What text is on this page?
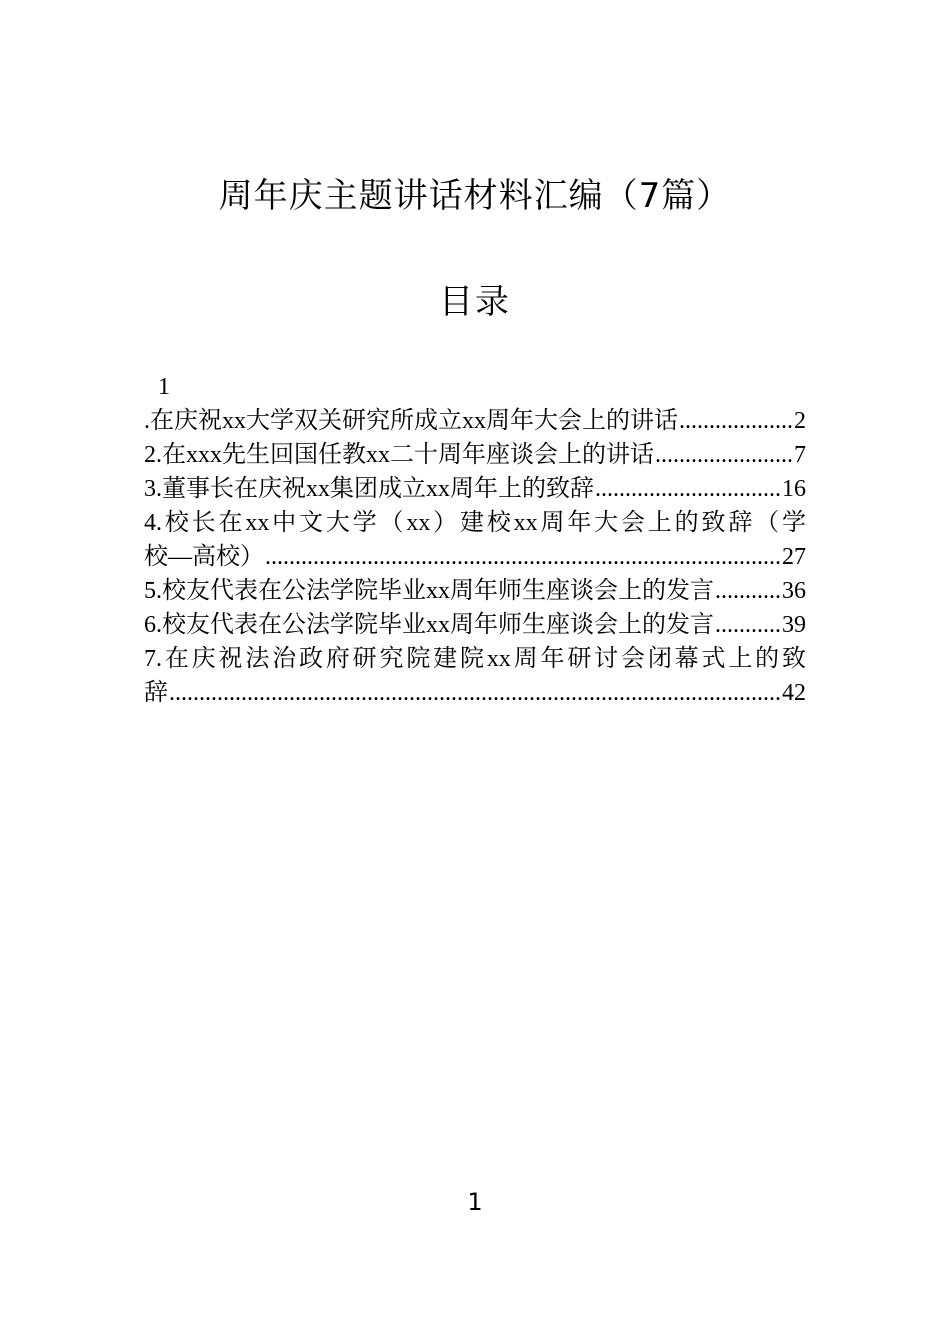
周年庆主题讲话材料汇编（7篇）
目录
1
.在庆祝xx大学双关研究所成立xx周年大会上的讲话 .....	2
2.在xxx先生回国任教xx二十周年座谈会上的讲话 .....	7
3.董事长在庆祝xx集团成立xx周年上的致辞 .....	16
4.校长在xx中文大学（xx）建校xx周年大会上的致辞（学
校—高校） .....	27
5.校友代表在公法学院毕业xx周年师生座谈会上的发言 .....	36
6.校友代表在公法学院毕业xx周年师生座谈会上的发言 .....	39
7.在庆祝法治政府研究院建院xx周年研讨会闭幕式上的致
辞 .....	42
1
